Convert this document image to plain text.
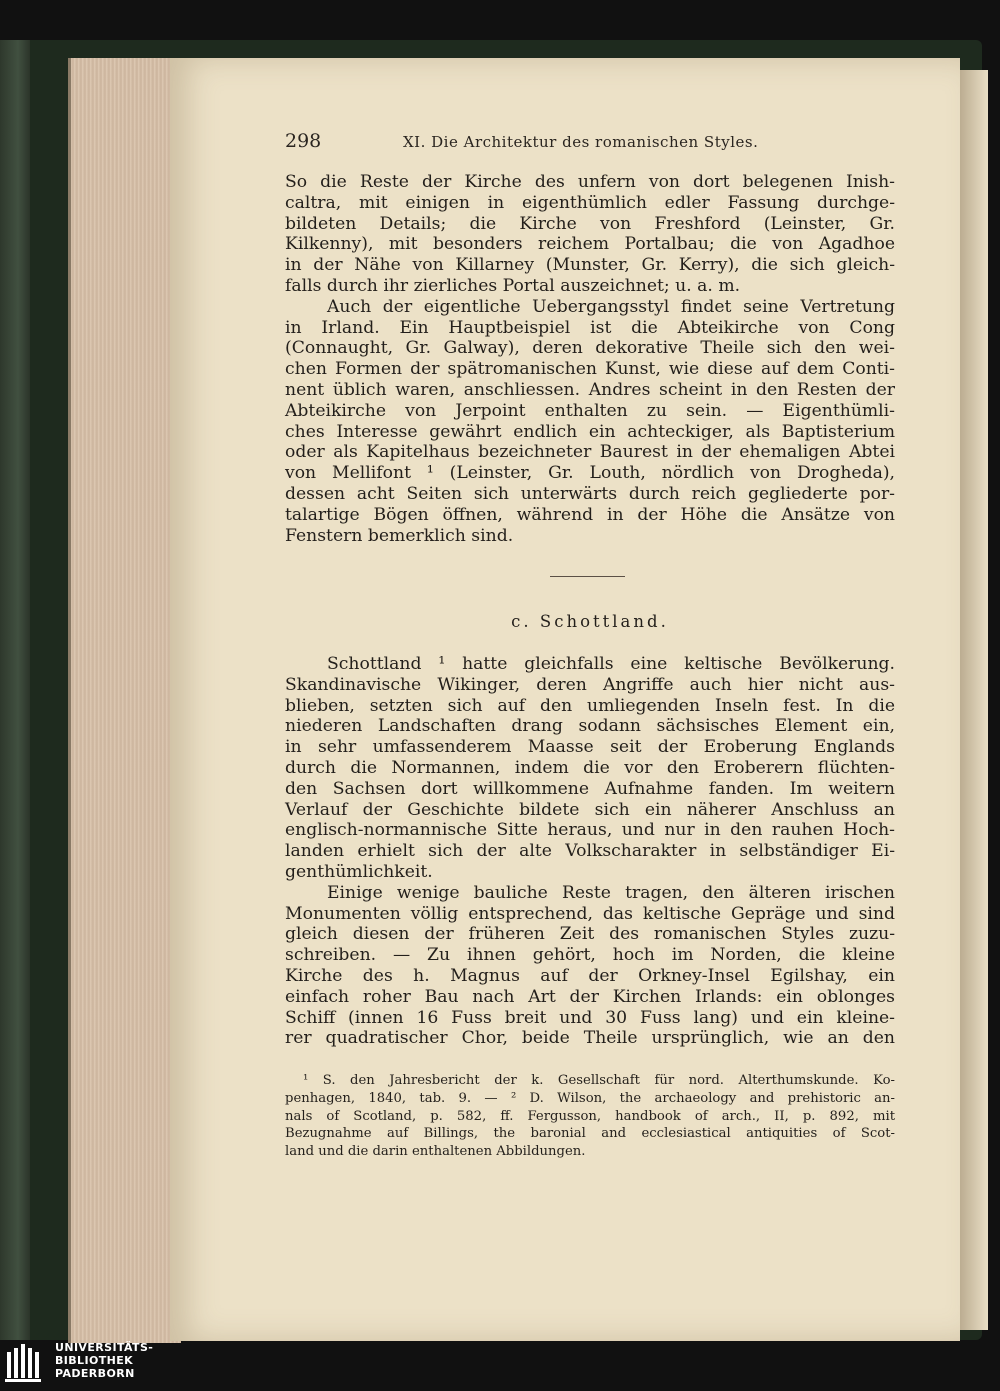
298	XI. Die Architektur des romanischen Styles.
So die Reste der Kirche des unfern von dort belegenen Inish-
caltra, mit einigen in eigenthümlich edler Fassung durchge-
bildeten Details; die Kirche von Freshford (Leinster, Gr.
Kilkenny), mit besonders reichem Portalbau; die von Agadhoe
in der Nähe von Killarney (Munster, Gr. Kerry), die sich gleich-
falls durch ihr zierliches Portal auszeichnet; u. a. m.
Auch der eigentliche Uebergangsstyl findet seine Vertretung
in Irland. Ein Hauptbeispiel ist die Abteikirche von Cong
(Connaught, Gr. Galway), deren dekorative Theile sich den wei-
chen Formen der spätromanischen Kunst, wie diese auf dem Conti-
nent üblich waren, anschliessen. Andres scheint in den Resten der
Abteikirche von Jerpoint enthalten zu sein. — Eigenthümli-
ches Interesse gewährt endlich ein achteckiger, als Baptisterium
oder als Kapitelhaus bezeichneter Baurest in der ehemaligen Abtei
von Mellifont ¹ (Leinster, Gr. Louth, nördlich von Drogheda),
dessen acht Seiten sich unterwärts durch reich gegliederte por-
talartige Bögen öffnen, während in der Höhe die Ansätze von
Fenstern bemerklich sind.
c. Schottland.
Schottland ¹ hatte gleichfalls eine keltische Bevölkerung.
Skandinavische Wikinger, deren Angriffe auch hier nicht aus-
blieben, setzten sich auf den umliegenden Inseln fest. In die
niederen Landschaften drang sodann sächsisches Element ein,
in sehr umfassenderem Maasse seit der Eroberung Englands
durch die Normannen, indem die vor den Eroberern flüchten-
den Sachsen dort willkommene Aufnahme fanden. Im weitern
Verlauf der Geschichte bildete sich ein näherer Anschluss an
englisch-normannische Sitte heraus, und nur in den rauhen Hoch-
landen erhielt sich der alte Volkscharakter in selbständiger Ei-
genthümlichkeit.
Einige wenige bauliche Reste tragen, den älteren irischen
Monumenten völlig entsprechend, das keltische Gepräge und sind
gleich diesen der früheren Zeit des romanischen Styles zuzu-
schreiben. — Zu ihnen gehört, hoch im Norden, die kleine
Kirche des h. Magnus auf der Orkney-Insel Egilshay, ein
einfach roher Bau nach Art der Kirchen Irlands: ein oblonges
Schiff (innen 16 Fuss breit und 30 Fuss lang) und ein kleine-
rer quadratischer Chor, beide Theile ursprünglich, wie an den
¹ S. den Jahresbericht der k. Gesellschaft für nord. Alterthumskunde. Ko-
penhagen, 1840, tab. 9. — ² D. Wilson, the archaeology and prehistoric an-
nals of Scotland, p. 582, ff. Fergusson, handbook of arch., II, p. 892, mit
Bezugnahme auf Billings, the baronial and ecclesiastical antiquities of Scot-
land und die darin enthaltenen Abbildungen.
UNIVERSITÄTS-
BIBLIOTHEK
PADERBORN
